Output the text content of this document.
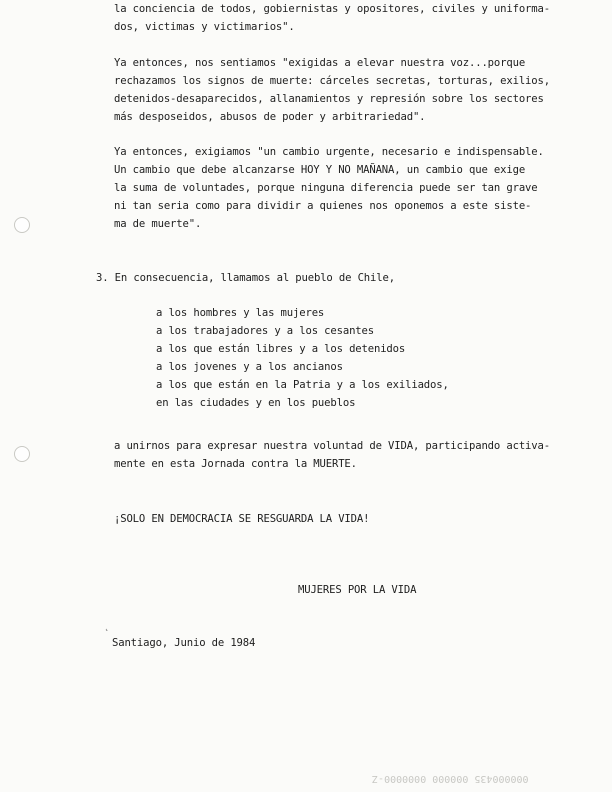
la conciencia de todos, gobiernistas y opositores, civiles y uniforma-

dos, victimas y victimarios".

Ya entonces, nos sentiamos "exigidas a elevar nuestra voz...porque

rechazamos los signos de muerte: cárceles secretas, torturas, exilios,

detenidos-desaparecidos, allanamientos y represión sobre los sectores

más desposeidos, abusos de poder y arbitrariedad".

Ya entonces, exigiamos "un cambio urgente, necesario e indispensable.

Un cambio que debe alcanzarse HOY Y NO MAÑANA, un cambio que exige

la suma de voluntades, porque ninguna diferencia puede ser tan grave

ni tan seria como para dividir a quienes nos oponemos a este siste-

ma de muerte".

3. En consecuencia, llamamos al pueblo de Chile,

a los hombres y las mujeres

a los trabajadores y a los cesantes

a los que están libres y a los detenidos

a los jovenes y a los ancianos

a los que están en la Patria y a los exiliados,

en las ciudades y en los pueblos

a unirnos para expresar nuestra voluntad de VIDA, participando activa-

mente en esta Jornada contra la MUERTE.

¡SOLO EN DEMOCRACIA SE RESGUARDA LA VIDA!

MUJERES POR LA VIDA

˛

Santiago, Junio de 1984

000000435 000000 0000000-Z
